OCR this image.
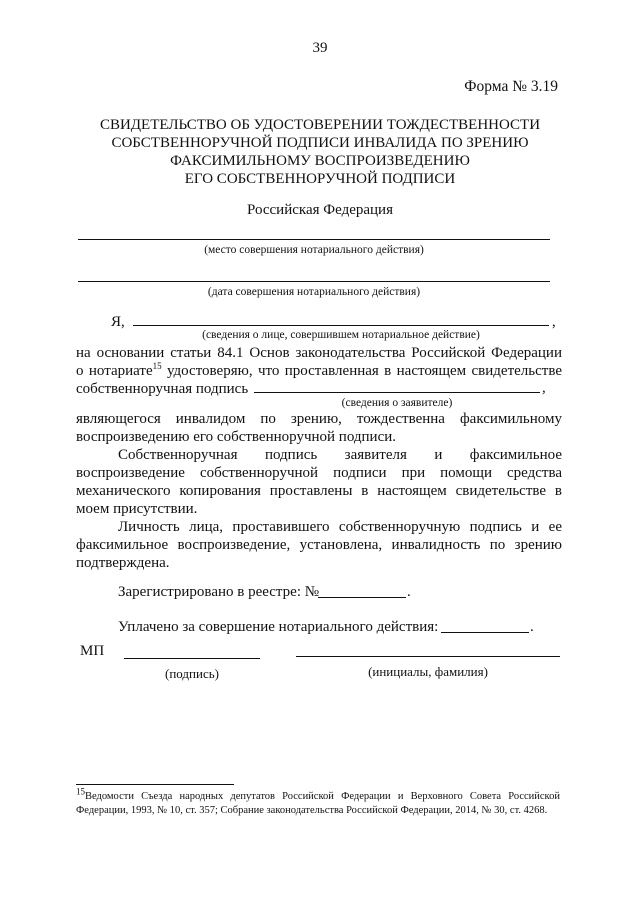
39
Форма № 3.19
СВИДЕТЕЛЬСТВО ОБ УДОСТОВЕРЕНИИ ТОЖДЕСТВЕННОСТИ
СОБСТВЕННОРУЧНОЙ ПОДПИСИ ИНВАЛИДА ПО ЗРЕНИЮ
ФАКСИМИЛЬНОМУ ВОСПРОИЗВЕДЕНИЮ
ЕГО СОБСТВЕННОРУЧНОЙ ПОДПИСИ
Российская Федерация
(место совершения нотариального действия)
(дата совершения нотариального действия)
Я,	,
(сведения о лице, совершившем нотариальное действие)
на основании статьи 84.1 Основ законодательства Российской Федерации
о нотариате$^{15}$ удостоверяю, что проставленная в настоящем свидетельстве
собственноручная подпись	,
(сведения о заявителе)
являющегося инвалидом по зрению, тождественна факсимильному воспроизведению его собственноручной подписи.
Собственноручная подпись заявителя и факсимильное воспроизведение собственноручной подписи при помощи средства механического копирования проставлены в настоящем свидетельстве в моем присутствии.
Личность лица, проставившего собственноручную подпись и ее факсимильное воспроизведение, установлена, инвалидность по зрению подтверждена.
Зарегистрировано в реестре: №	.
Уплачено за совершение нотариального действия:	.
МП
(подпись)	(инициалы, фамилия)
$^{15}$Ведомости Съезда народных депутатов Российской Федерации и Верховного Совета Российской Федерации, 1993, № 10, ст. 357; Собрание законодательства Российской Федерации, 2014, № 30, ст. 4268.
